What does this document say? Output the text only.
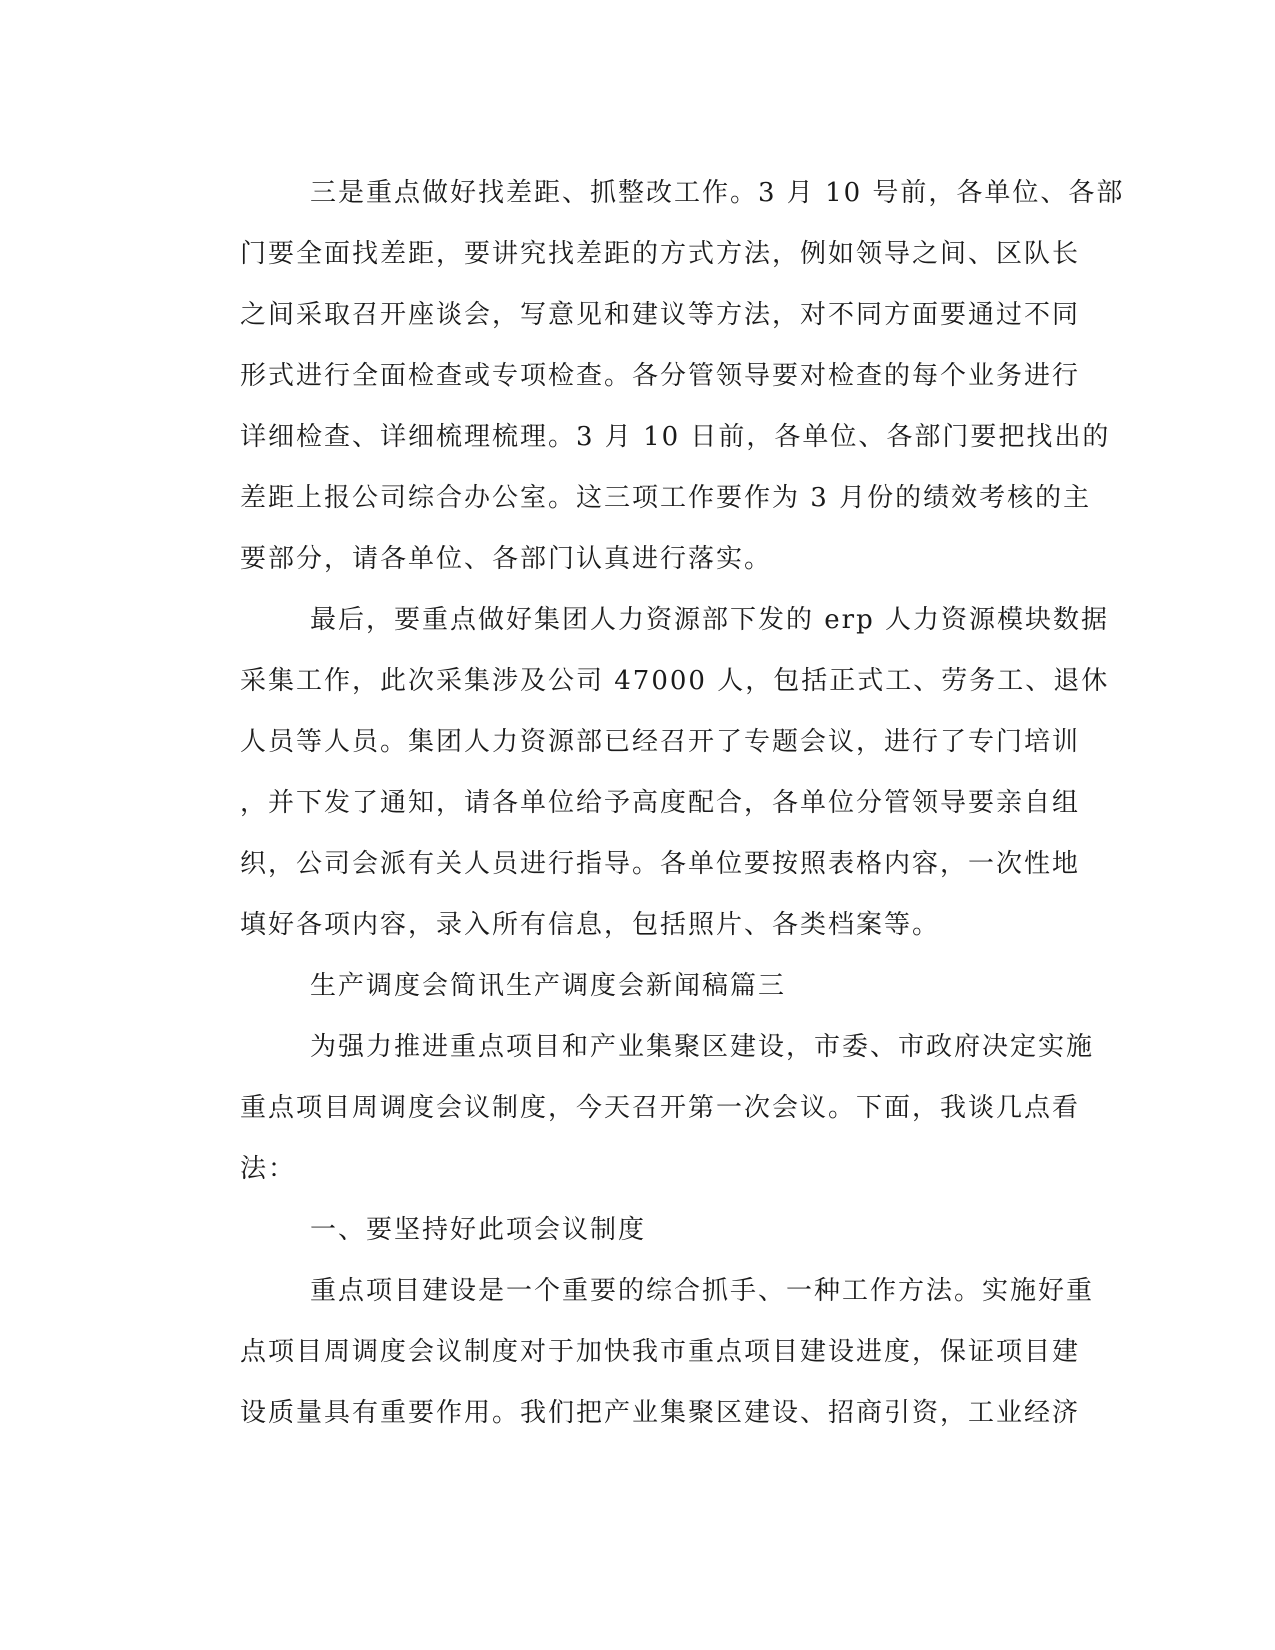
三是重点做好找差距、抓整改工作。3 月 10 号前，各单位、各部
门要全面找差距，要讲究找差距的方式方法，例如领导之间、区队长
之间采取召开座谈会，写意见和建议等方法，对不同方面要通过不同
形式进行全面检查或专项检查。各分管领导要对检查的每个业务进行
详细检查、详细梳理梳理。3 月 10 日前，各单位、各部门要把找出的
差距上报公司综合办公室。这三项工作要作为 3 月份的绩效考核的主
要部分，请各单位、各部门认真进行落实。
最后，要重点做好集团人力资源部下发的 erp 人力资源模块数据
采集工作，此次采集涉及公司 47000 人，包括正式工、劳务工、退休
人员等人员。集团人力资源部已经召开了专题会议，进行了专门培训
，并下发了通知，请各单位给予高度配合，各单位分管领导要亲自组
织，公司会派有关人员进行指导。各单位要按照表格内容，一次性地
填好各项内容，录入所有信息，包括照片、各类档案等。
生产调度会简讯生产调度会新闻稿篇三
为强力推进重点项目和产业集聚区建设，市委、市政府决定实施
重点项目周调度会议制度，今天召开第一次会议。下面，我谈几点看
法：
一、要坚持好此项会议制度
重点项目建设是一个重要的综合抓手、一种工作方法。实施好重
点项目周调度会议制度对于加快我市重点项目建设进度，保证项目建
设质量具有重要作用。我们把产业集聚区建设、招商引资，工业经济
